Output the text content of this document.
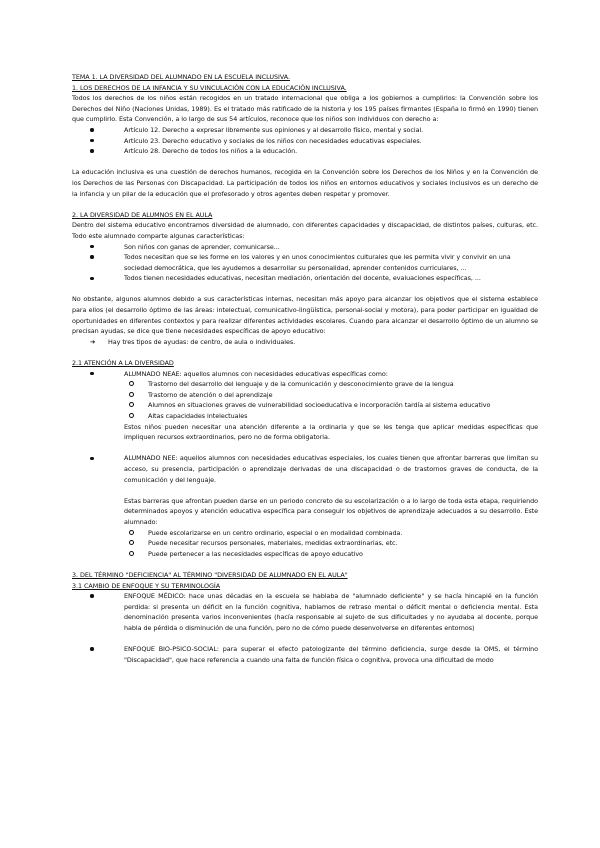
TEMA 1. LA DIVERSIDAD DEL ALUMNADO EN LA ESCUELA INCLUSIVA.
1. LOS DERECHOS DE LA INFANCIA Y SU VINCULACIÓN CON LA EDUCACIÓN INCLUSIVA.
Todos los derechos de los niños están recogidos en un tratado internacional que obliga a los gobiernos a cumplirlos: la Convención sobre los Derechos del Niño (Naciones Unidas, 1989). Es el tratado más ratificado de la historia y los 195 países firmantes (España lo firmó en 1990) tienen que cumplirlo. Esta Convención, a lo largo de sus 54 artículos, reconoce que los niños son individuos con derecho a:
Artículo 12. Derecho a expresar libremente sus opiniones y al desarrollo físico, mental y social.
Artículo 23. Derecho educativo y sociales de los niños con necesidades educativas especiales.
Artículo 28. Derecho de todos los niños a la educación.
La educación inclusiva es una cuestión de derechos humanos, recogida en la Convención sobre los Derechos de los Niños y en la Convención de los Derechos de las Personas con Discapacidad. La participación de todos los niños en entornos educativos y sociales inclusivos es un derecho de la infancia y un pilar de la educación que el profesorado y otros agentes deben respetar y promover.
2. LA DIVERSIDAD DE ALUMNOS EN EL AULA
Dentro del sistema educativo encontramos diversidad de alumnado, con diferentes capacidades y discapacidad, de distintos países, culturas, etc. Todo este alumnado comparte algunas características:
Son niños con ganas de aprender, comunicarse...
Todos necesitan que se les forme en los valores y en unos conocimientos culturales que les permita vivir y convivir en una sociedad democrática, que les ayudemos a desarrollar su personalidad, aprender contenidos curriculares, ...
Todos tienen necesidades educativas, necesitan mediación, orientación del docente, evaluaciones específicas, ...
No obstante, algunos alumnos debido a sus características internas, necesitan más apoyo para alcanzar los objetivos que el sistema establece para ellos (el desarrollo óptimo de las áreas: intelectual, comunicativo-lingüística, personal-social y motora), para poder participar en igualdad de oportunidades en diferentes contextos y para realizar diferentes actividades escolares. Cuando para alcanzar el desarrollo óptimo de un alumno se precisan ayudas, se dice que tiene necesidades específicas de apoyo educativo:
➔ Hay tres tipos de ayudas: de centro, de aula o individuales.
2.1 ATENCIÓN A LA DIVERSIDAD
ALUMNADO NEAE: aquellos alumnos con necesidades educativas específicas como:
Trastorno del desarrollo del lenguaje y de la comunicación y desconocimiento grave de la lengua
Trastorno de atención o del aprendizaje
Alumnos en situaciones graves de vulnerabilidad socioeducativa e incorporación tardía al sistema educativo
Altas capacidades intelectuales
Estos niños pueden necesitar una atención diferente a la ordinaria y que se les tenga que aplicar medidas específicas que impliquen recursos extraordinarios, pero no de forma obligatoria.
ALUMNADO NEE: aquellos alumnos con necesidades educativas especiales, los cuales tienen que afrontar barreras que limitan su acceso, su presencia, participación o aprendizaje derivadas de una discapacidad o de trastornos graves de conducta, de la comunicación y del lenguaje.
Estas barreras que afrontan pueden darse en un periodo concreto de su escolarización o a lo largo de toda esta etapa, requiriendo determinados apoyos y atención educativa específica para conseguir los objetivos de aprendizaje adecuados a su desarrollo. Este alumnado:
Puede escolarizarse en un centro ordinario, especial o en modalidad combinada.
Puede necesitar recursos personales, materiales, medidas extraordinarias, etc.
Puede pertenecer a las necesidades específicas de apoyo educativo
3. DEL TÉRMINO "DEFICIENCIA" AL TÉRMINO "DIVERSIDAD DE ALUMNADO EN EL AULA"
3.1 CAMBIO DE ENFOQUE Y SU TERMINOLOGÍA
ENFOQUE MÉDICO: hace unas décadas en la escuela se hablaba de "alumnado deficiente" y se hacía hincapié en la función perdida: si presenta un déficit en la función cognitiva, hablamos de retraso mental o déficit mental o deficiencia mental. Esta denominación presenta varios inconvenientes (hacía responsable al sujeto de sus dificultades y no ayudaba al docente, porque habla de pérdida o disminución de una función, pero no de cómo puede desenvolverse en diferentes entornos)
ENFOQUE BIO-PSICO-SOCIAL: para superar el efecto patologizante del término deficiencia, surge desde la OMS, el término "Discapacidad", que hace referencia a cuando una falta de función física o cognitiva, provoca una dificultad de modo
